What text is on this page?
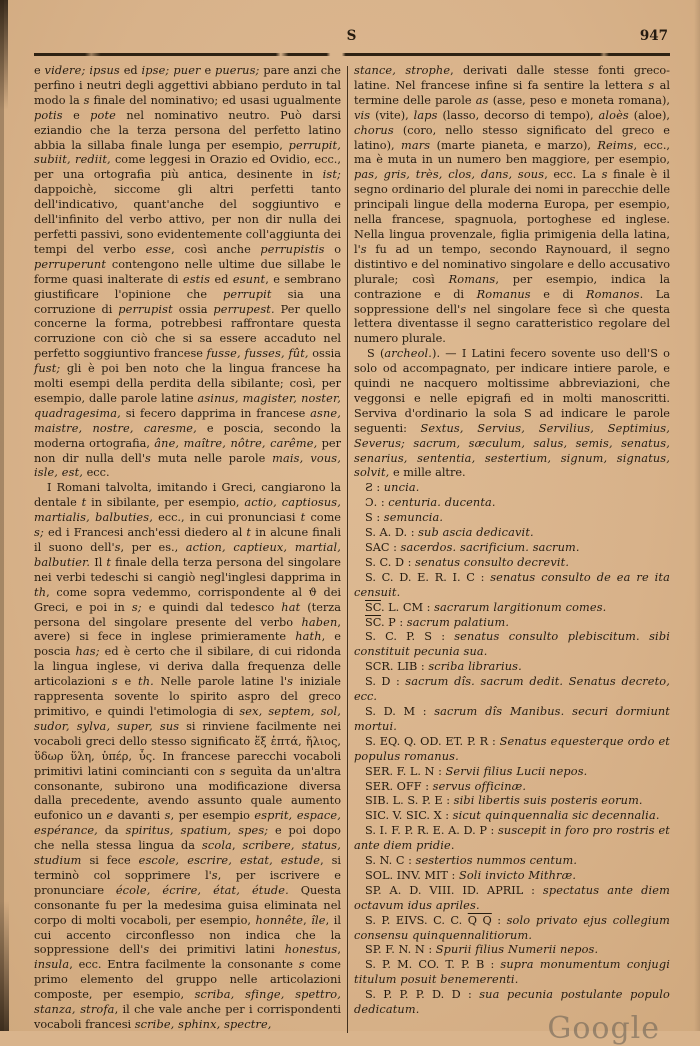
S	947

e videre; ipsus ed ipse; puer e puerus; pare anzi che perfino i neutri degli aggettivi abbiano perduto in tal modo la s finale del nominativo; ed usasi ugualmente potis e pote nel nominativo neutro. Può darsi eziandio che la terza persona del perfetto latino abbia la sillaba finale lunga per esempio, perrupit, subiit, rediit, come leggesi in Orazio ed Ovidio, ecc., per una ortografia più antica, desinente in ist; dappoichè, siccome gli altri perfetti tanto dell'indicativo, quant'anche del soggiuntivo e dell'infinito del verbo attivo, per non dir nulla dei perfetti passivi, sono evidentemente coll'aggiunta dei tempi del verbo esse, così anche perrupistis o perruperunt contengono nelle ultime due sillabe le forme quasi inalterate di estis ed esunt, e sembrano giustificare l'opinione che perrupit sia una corruzione di perrupist ossia perrupest. Per quello concerne la forma, potrebbesi raffrontare questa corruzione con ciò che si sa essere accaduto nel perfetto soggiuntivo francese fusse, fusses, fût, ossia fust; gli è poi ben noto che la lingua francese ha molti esempi della perdita della sibilante; così, per esempio, dalle parole latine asinus, magister, noster, quadragesima, si fecero dapprima in francese asne, maistre, nostre, caresme, e poscia, secondo la moderna ortografia, âne, maître, nôtre, carême, per non dir nulla dell's muta nelle parole mais, vous, isle, est, ecc.

I Romani talvolta, imitando i Greci, cangiarono la dentale t in sibilante, per esempio, actio, captiosus, martialis, balbuties, ecc., in cui pronunciasi t come s; ed i Francesi anch'essi diedero al t in alcune finali il suono dell's, per es., action, captieux, martial, balbutier. Il t finale della terza persona del singolare nei verbi tedeschi si cangiò negl'inglesi dapprima in th, come sopra vedemmo, corrispondente al ϑ dei Greci, e poi in s; e quindi dal tedesco hat (terza persona del singolare presente del verbo haben, avere) si fece in inglese primieramente hath, e poscia has; ed è certo che il sibilare, di cui ridonda la lingua inglese, vi deriva dalla frequenza delle articolazioni s e th. Nelle parole latine l's iniziale rappresenta sovente lo spirito aspro del greco primitivo, e quindi l'etimologia di sex, septem, sol, sudor, sylva, super, sus si rinviene facilmente nei vocaboli greci dello stesso significato ἕξ ἑπτά, ἥλιος, ὕδωρ ὕλη, ὑπέρ, ὗς. In francese parecchi vocaboli primitivi latini comincianti con s seguìta da un'altra consonante, subirono una modificazione diversa dalla precedente, avendo assunto quale aumento eufonico un e davanti s, per esempio esprit, espace, espérance, da spiritus, spatium, spes; e poi dopo che nella stessa lingua da scola, scribere, status, studium si fece escole, escrire, estat, estude, si terminò col sopprimere l's, per iscrivere e pronunciare école, écrire, état, étude. Questa consonante fu per la medesima guisa eliminata nel corpo di molti vocaboli, per esempio, honnête, île, il cui accento circonflesso non indica che la soppressione dell's dei primitivi latini honestus, insula, ecc. Entra facilmente la consonante s come primo elemento del gruppo nelle articolazioni composte, per esempio, scriba, sfinge, spettro, stanza, strofa, il che vale anche per i corrispondenti vocaboli francesi scribe, sphinx, spectre,

stance, strophe, derivati dalle stesse fonti greco-latine. Nel francese infine si fa sentire la lettera s al termine delle parole as (asse, peso e moneta romana), vis (vite), laps (lasso, decorso di tempo), aloès (aloe), chorus (coro, nello stesso significato del greco e latino), mars (marte pianeta, e marzo), Reims, ecc., ma è muta in un numero ben maggiore, per esempio, pas, gris, très, clos, dans, sous, ecc. La s finale è il segno ordinario del plurale dei nomi in parecchie delle principali lingue della moderna Europa, per esempio, nella francese, spagnuola, portoghese ed inglese. Nella lingua provenzale, figlia primigenia della latina, l's fu ad un tempo, secondo Raynouard, il segno distintivo e del nominativo singolare e dello accusativo plurale; così Romans, per esempio, indica la contrazione e di Romanus e di Romanos. La soppressione dell's nel singolare fece sì che questa lettera diventasse il segno caratteristico regolare del numero plurale.

S (archeol.). — I Latini fecero sovente uso dell'S o solo od accompagnato, per indicare intiere parole, e quindi ne nacquero moltissime abbreviazioni, che veggonsi e nelle epigrafi ed in molti manoscritti. Serviva d'ordinario la sola S ad indicare le parole seguenti: Sextus, Servius, Servilius, Septimius, Severus; sacrum, sæculum, salus, semis, senatus, senarius, sententia, sestertium, signum, signatus, solvit, e mille altre.

Ƨ : uncia.

Ɔ. : centuria. ducenta.

S : semuncia.

S. A. D. : sub ascia dedicavit.

SAC : sacerdos. sacrificium. sacrum.

S. C. D : senatus consulto decrevit.

S. C. D. E. R. I. C : senatus consulto de ea re ita censuit.

$\overline{SC}$. L. CM : sacrarum largitionum comes.

$\overline{SC}$. P : sacrum palatium.

S. C. P. S : senatus consulto plebiscitum. sibi constituit pecunia sua.

SCR. LIB : scriba librarius.

S. D : sacrum dîs. sacrum dedit. Senatus decreto, ecc.

S. D. M : sacrum dîs Manibus. securi dormiunt mortui.

S. EQ. Q. OD. ET. P. R : Senatus equesterque ordo et populus romanus.

SER. F. L. N : Servii filius Lucii nepos.

SER. OFF : servus officinæ.

SIB. L. S. P. E : sibi libertis suis posteris eorum.

SIC. V. SIC. X : sicut quinquennalia sic decennalia.

S. I. F. P. R. E. A. D. P : suscepit in foro pro rostris et ante diem pridie.

S. N. C : sestertios nummos centum.

SOL. INV. MIT : Soli invicto Mithræ.

SP. A. D. VIII. ID. APRIL : spectatus ante diem octavum idus apriles.

S. P. EIVS. C. C. Q Q : solo privato ejus collegium consensu quinquennalitiorum.

SP. F. N. N : Spurii filius Numerii nepos.

S. P. M. CO. T. P. B : supra monumentum conjugi titulum posuit benemerenti.

S. P. P. P. D. D : sua pecunia postulante populo dedicatum.

Google
